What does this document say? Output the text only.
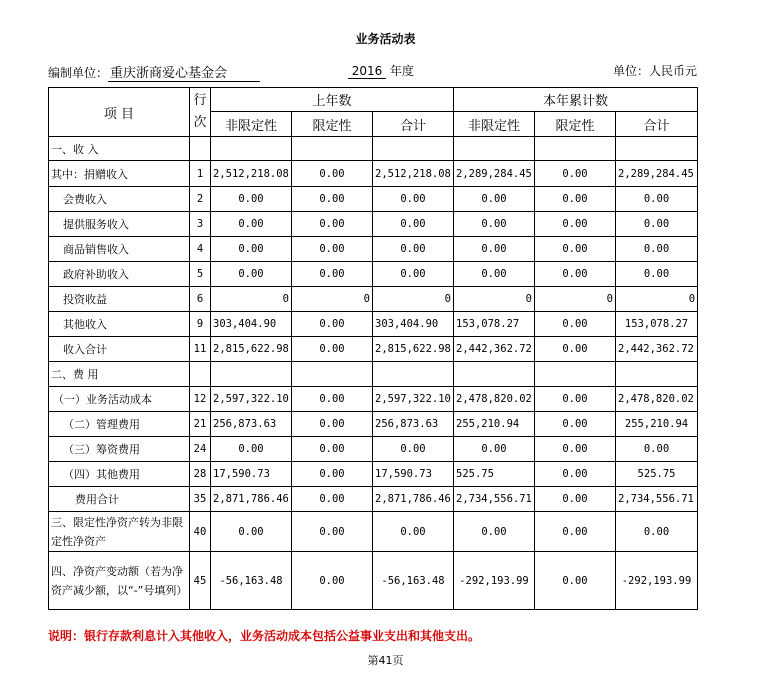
业务活动表
编制单位： 重庆浙商爱心基金会	2016 年度	单位：人民币元
项 目	行次	上年数			本年累计数		
		非限定性	限定性	合计	非限定性	限定性	合计
一、收 入							
其中：捐赠收入	1	2,512,218.08	0.00	2,512,218.08	2,289,284.45	0.00	2,289,284.45
会费收入	2	0.00	0.00	0.00	0.00	0.00	0.00
提供服务收入	3	0.00	0.00	0.00	0.00	0.00	0.00
商品销售收入	4	0.00	0.00	0.00	0.00	0.00	0.00
政府补助收入	5	0.00	0.00	0.00	0.00	0.00	0.00
投资收益	6	0	0	0	0	0	0
其他收入	9	303,404.90	0.00	303,404.90	153,078.27	0.00	153,078.27
收入合计	11	2,815,622.98	0.00	2,815,622.98	2,442,362.72	0.00	2,442,362.72
二、费 用							
（一）业务活动成本	12	2,597,322.10	0.00	2,597,322.10	2,478,820.02	0.00	2,478,820.02
（二）管理费用	21	256,873.63	0.00	256,873.63	255,210.94	0.00	255,210.94
（三）筹资费用	24	0.00	0.00	0.00	0.00	0.00	0.00
（四）其他费用	28	17,590.73	0.00	17,590.73	525.75	0.00	525.75
费用合计	35	2,871,786.46	0.00	2,871,786.46	2,734,556.71	0.00	2,734,556.71
三、限定性净资产转为非限定性净资产	40	0.00	0.00	0.00	0.00	0.00	0.00
四、净资产变动额（若为净资产减少额，以“-”号填列）	45	-56,163.48	0.00	-56,163.48	-292,193.99	0.00	-292,193.99
说明：银行存款利息计入其他收入，业务活动成本包括公益事业支出和其他支出。
第41页
